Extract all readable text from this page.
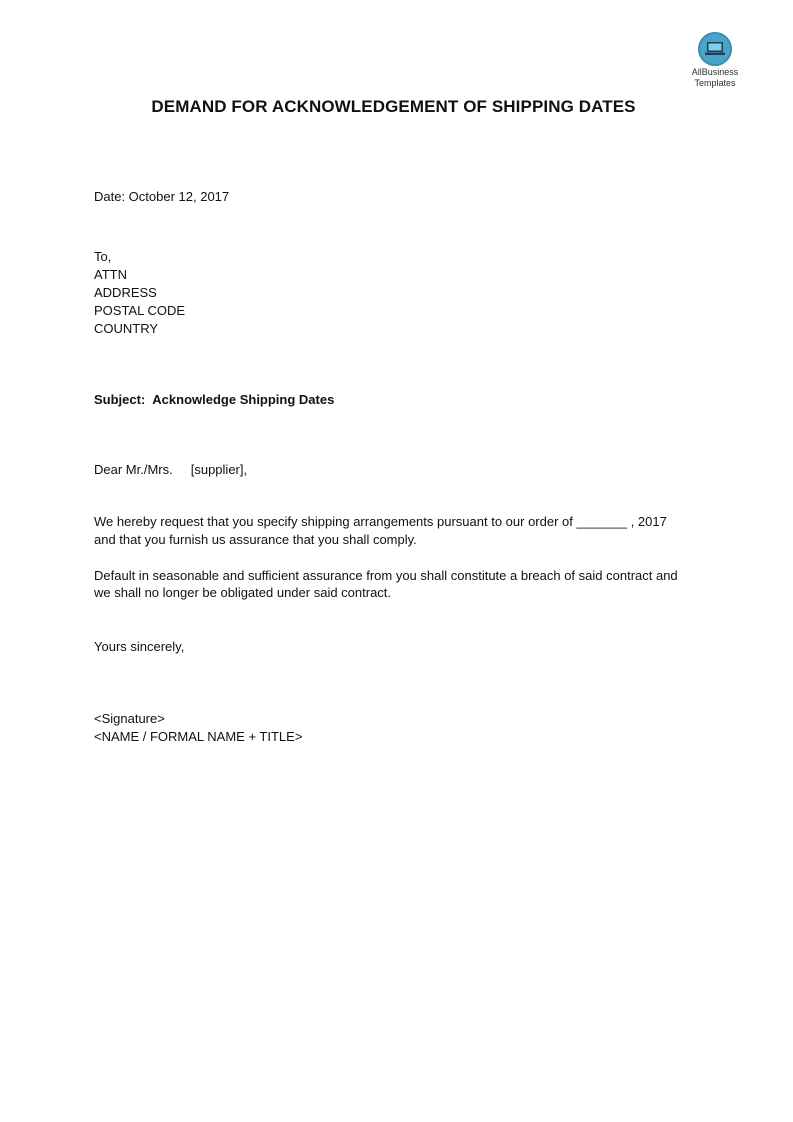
AllBusiness
Templates
DEMAND FOR ACKNOWLEDGEMENT OF SHIPPING DATES
Date: October 12, 2017
To,
ATTN
ADDRESS
POSTAL CODE
COUNTRY
Subject: Acknowledge Shipping Dates
Dear Mr./Mrs. [supplier],
We hereby request that you specify shipping arrangements pursuant to our order of _______ , 2017
and that you furnish us assurance that you shall comply.
Default in seasonable and sufficient assurance from you shall constitute a breach of said contract and
we shall no longer be obligated under said contract.
Yours sincerely,
<Signature>
<NAME / FORMAL NAME + TITLE>
